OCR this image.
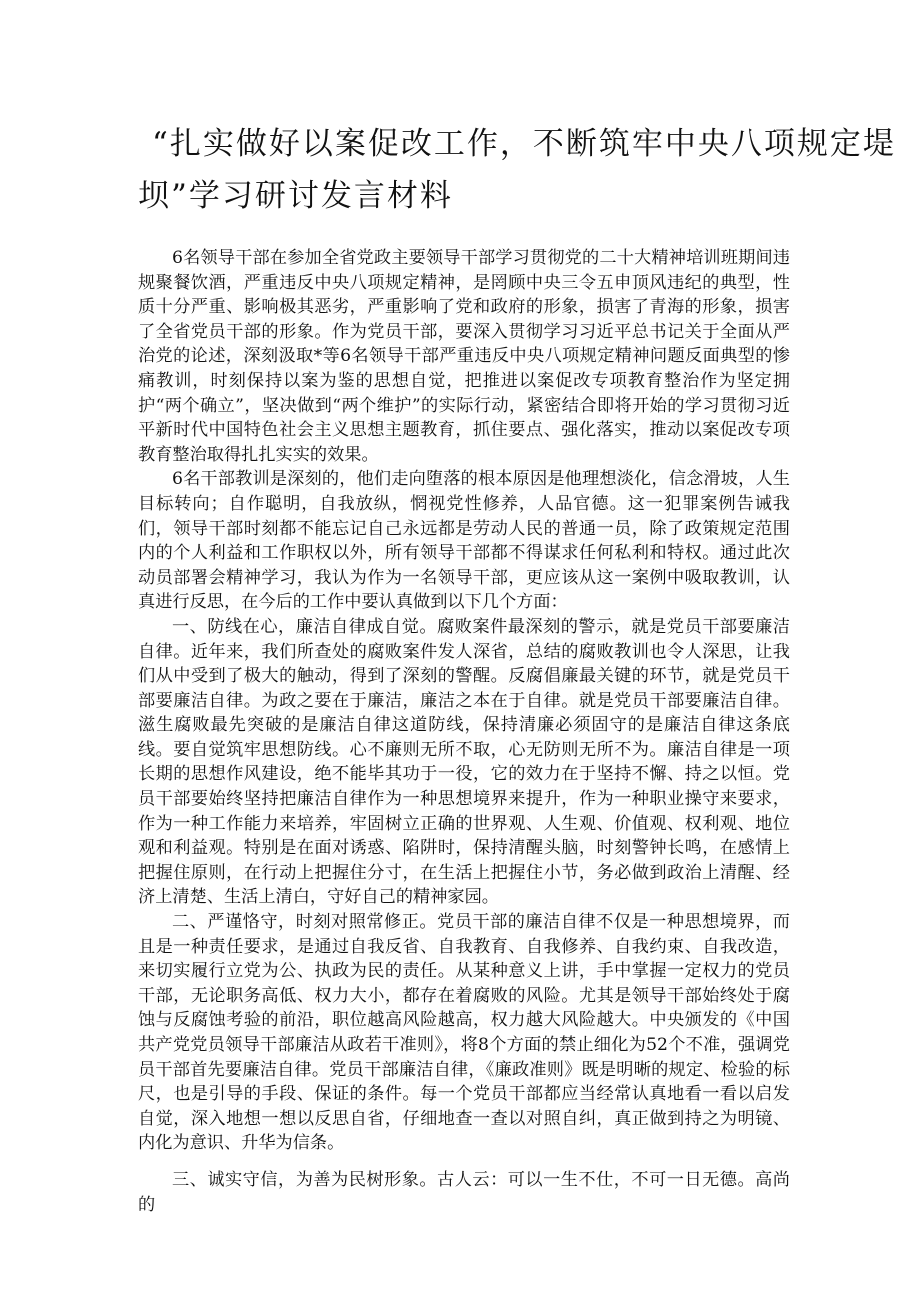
“扎实做好以案促改工作，不断筑牢中央八项规定堤
坝”学习研讨发言材料

6名领导干部在参加全省党政主要领导干部学习贯彻党的二十大精神培训班期间违规聚餐饮酒，严重违反中央八项规定精神，是罔顾中央三令五申顶风违纪的典型，性质十分严重、影响极其恶劣，严重影响了党和政府的形象，损害了青海的形象，损害了全省党员干部的形象。作为党员干部，要深入贯彻学习习近平总书记关于全面从严治党的论述，深刻汲取*等6名领导干部严重违反中央八项规定精神问题反面典型的惨痛教训，时刻保持以案为鉴的思想自觉，把推进以案促改专项教育整治作为坚定拥护“两个确立”，坚决做到“两个维护”的实际行动，紧密结合即将开始的学习贯彻习近平新时代中国特色社会主义思想主题教育，抓住要点、强化落实，推动以案促改专项教育整治取得扎扎实实的效果。

6名干部教训是深刻的，他们走向堕落的根本原因是他理想淡化，信念滑坡，人生目标转向；自作聪明，自我放纵，惘视党性修养，人品官德。这一犯罪案例告诫我们，领导干部时刻都不能忘记自己永远都是劳动人民的普通一员，除了政策规定范围内的个人利益和工作职权以外，所有领导干部都不得谋求任何私利和特权。通过此次动员部署会精神学习，我认为作为一名领导干部，更应该从这一案例中吸取教训，认真进行反思，在今后的工作中要认真做到以下几个方面：

一、防线在心，廉洁自律成自觉。腐败案件最深刻的警示，就是党员干部要廉洁自律。近年来，我们所查处的腐败案件发人深省，总结的腐败教训也令人深思，让我们从中受到了极大的触动，得到了深刻的警醒。反腐倡廉最关键的环节，就是党员干部要廉洁自律。为政之要在于廉洁，廉洁之本在于自律。就是党员干部要廉洁自律。滋生腐败最先突破的是廉洁自律这道防线，保持清廉必须固守的是廉洁自律这条底线。要自觉筑牢思想防线。心不廉则无所不取，心无防则无所不为。廉洁自律是一项长期的思想作风建设，绝不能毕其功于一役，它的效力在于坚持不懈、持之以恒。党员干部要始终坚持把廉洁自律作为一种思想境界来提升，作为一种职业操守来要求，作为一种工作能力来培养，牢固树立正确的世界观、人生观、价值观、权利观、地位观和利益观。特别是在面对诱惑、陷阱时，保持清醒头脑，时刻警钟长鸣，在感情上把握住原则，在行动上把握住分寸，在生活上把握住小节，务必做到政治上清醒、经济上清楚、生活上清白，守好自己的精神家园。

二、严谨恪守，时刻对照常修正。党员干部的廉洁自律不仅是一种思想境界，而且是一种责任要求，是通过自我反省、自我教育、自我修养、自我约束、自我改造，来切实履行立党为公、执政为民的责任。从某种意义上讲，手中掌握一定权力的党员干部，无论职务高低、权力大小，都存在着腐败的风险。尤其是领导干部始终处于腐蚀与反腐蚀考验的前沿，职位越高风险越高，权力越大风险越大。中央颁发的《中国共产党党员领导干部廉洁从政若干准则》，将8个方面的禁止细化为52个不准，强调党员干部首先要廉洁自律。党员干部廉洁自律，《廉政准则》既是明晰的规定、检验的标尺，也是引导的手段、保证的条件。每一个党员干部都应当经常认真地看一看以启发自觉，深入地想一想以反思自省，仔细地查一查以对照自纠，真正做到持之为明镜、内化为意识、升华为信条。

三、诚实守信，为善为民树形象。古人云：可以一生不仕，不可一日无德。高尚的
